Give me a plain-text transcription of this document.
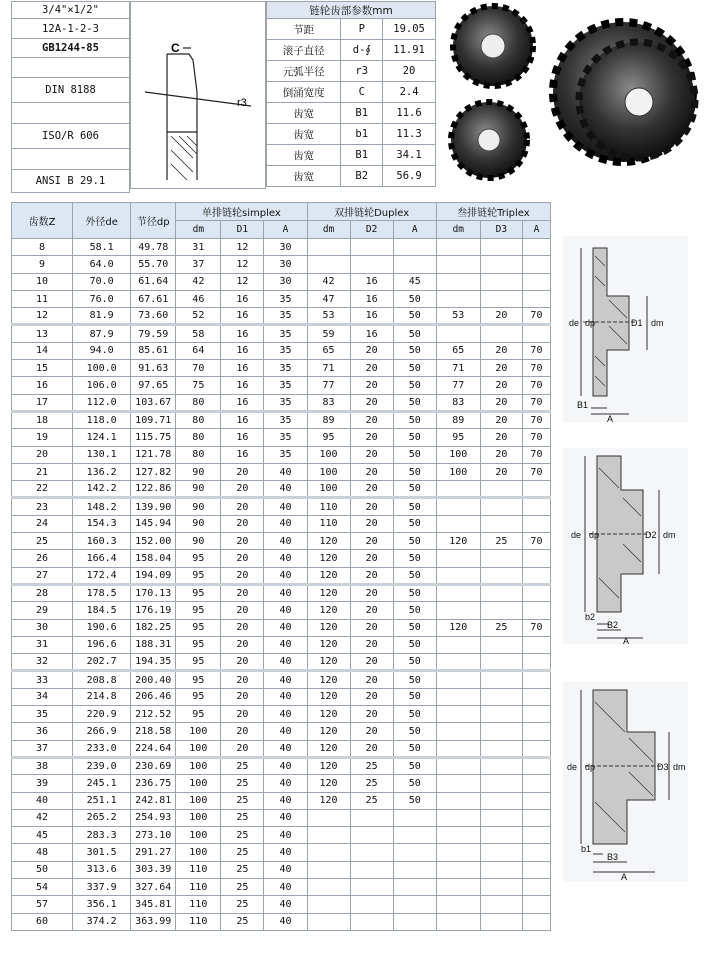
3/4"×1/2"
12A-1-2-3
GB1244-85

DIN 8188

ISO/R 606

ANSI B 29.1
C
r3
链轮齿部参数mm		
节距	P	19.05
滚子直径	d-∮	11.91
元弧半径	r3	20
倒涌宽度	C	2.4
齿宽	B1	11.6
齿宽	b1	11.3
齿宽	B1	34.1
齿宽	B2	56.9
齿数Z	外径de	节径dp	单排链轮simplex			双排链轮Duplex			叁排链轮Triplex		
			dm	D1	A	dm	D2	A	dm	D3	A
8	58.1	49.78	31	12	30						
9	64.0	55.70	37	12	30						
10	70.0	61.64	42	12	30	42	16	45			
11	76.0	67.61	46	16	35	47	16	50			
12	81.9	73.60	52	16	35	53	16	50	53	20	70
13	87.9	79.59	58	16	35	59	16	50			
14	94.0	85.61	64	16	35	65	20	50	65	20	70
15	100.0	91.63	70	16	35	71	20	50	71	20	70
16	106.0	97.65	75	16	35	77	20	50	77	20	70
17	112.0	103.67	80	16	35	83	20	50	83	20	70
18	118.0	109.71	80	16	35	89	20	50	89	20	70
19	124.1	115.75	80	16	35	95	20	50	95	20	70
20	130.1	121.78	80	16	35	100	20	50	100	20	70
21	136.2	127.82	90	20	40	100	20	50	100	20	70
22	142.2	122.86	90	20	40	100	20	50			
23	148.2	139.90	90	20	40	110	20	50			
24	154.3	145.94	90	20	40	110	20	50			
25	160.3	152.00	90	20	40	120	20	50	120	25	70
26	166.4	158.04	95	20	40	120	20	50			
27	172.4	194.09	95	20	40	120	20	50			
28	178.5	170.13	95	20	40	120	20	50			
29	184.5	176.19	95	20	40	120	20	50			
30	190.6	182.25	95	20	40	120	20	50	120	25	70
31	196.6	188.31	95	20	40	120	20	50			
32	202.7	194.35	95	20	40	120	20	50			
33	208.8	200.40	95	20	40	120	20	50			
34	214.8	206.46	95	20	40	120	20	50			
35	220.9	212.52	95	20	40	120	20	50			
36	266.9	218.58	100	20	40	120	20	50			
37	233.0	224.64	100	20	40	120	20	50			
38	239.0	230.69	100	25	40	120	25	50			
39	245.1	236.75	100	25	40	120	25	50			
40	251.1	242.81	100	25	40	120	25	50			
42	265.2	254.93	100	25	40						
45	283.3	273.10	100	25	40						
48	301.5	291.27	100	25	40						
50	313.6	303.39	110	25	40						
54	337.9	327.64	110	25	40						
57	356.1	345.81	110	25	40						
60	374.2	363.99	110	25	40						
de dp	D1 dm
B1
A
de dp	D2 dm
b2
B2
A
de dp	D3 dm
b1
B3
A
